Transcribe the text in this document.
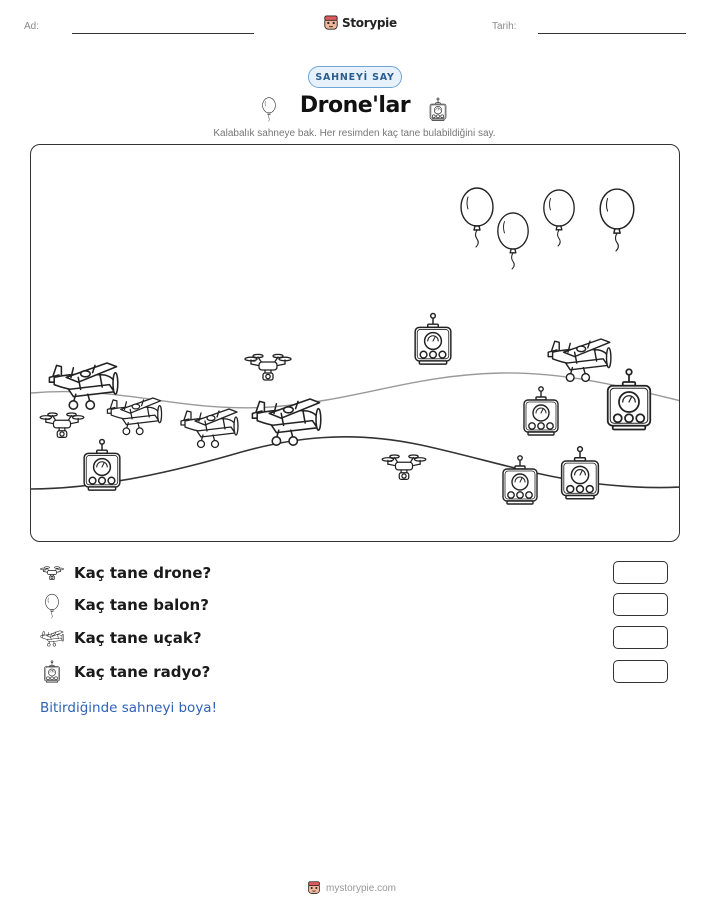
Ad:	Storypie	Tarih:
SAHNEYİ SAY
Drone'lar
Kalabalık sahneye bak. Her resimden kaç tane bulabildiğini say.
Kaç tane drone?
Kaç tane balon?
Kaç tane uçak?
Kaç tane radyo?
Bitirdiğinde sahneyi boya!
mystorypie.com
